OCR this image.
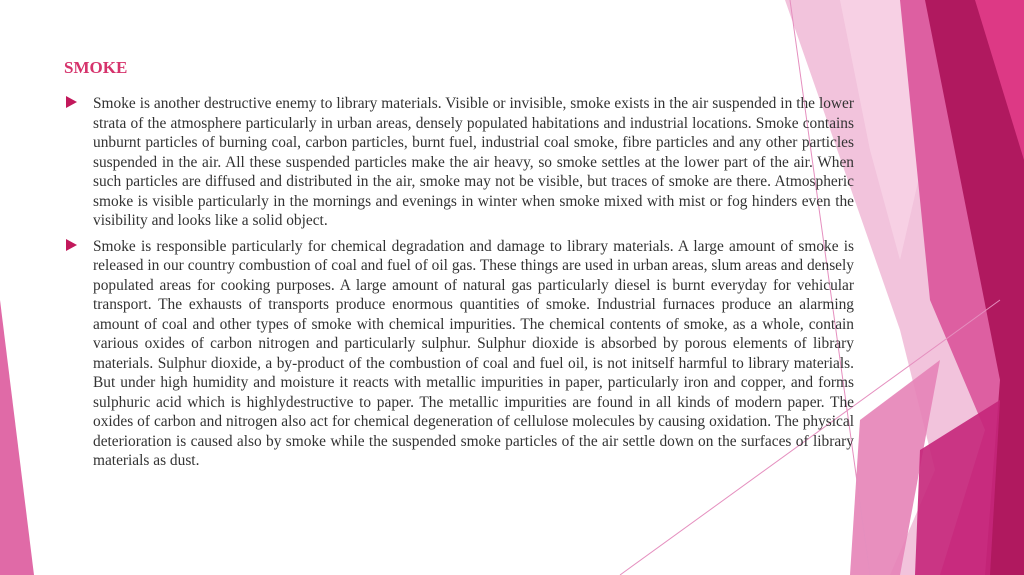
SMOKE

Smoke is another destructive enemy to library materials. Visible or invisible, smoke exists in the air suspended in the lower strata of the atmosphere particularly in urban areas, densely populated habitations and industrial locations. Smoke contains unburnt particles of burning coal, carbon particles, burnt fuel, industrial coal smoke, fibre particles and any other particles suspended in the air. All these suspended particles make the air heavy, so smoke settles at the lower part of the air. When such particles are diffused and distributed in the air, smoke may not be visible, but traces of smoke are there. Atmospheric smoke is visible particularly in the mornings and evenings in winter when smoke mixed with mist or fog hinders even the visibility and looks like a solid object.

Smoke is responsible particularly for chemical degradation and damage to library materials. A large amount of smoke is released in our country combustion of coal and fuel of oil gas. These things are used in urban areas, slum areas and densely populated areas for cooking purposes. A large amount of natural gas particularly diesel is burnt everyday for vehicular transport. The exhausts of transports produce enormous quantities of smoke. Industrial furnaces produce an alarming amount of coal and other types of smoke with chemical impurities. The chemical contents of smoke, as a whole, contain various oxides of carbon nitrogen and particularly sulphur. Sulphur dioxide is absorbed by porous elements of library materials. Sulphur dioxide, a by-product of the combustion of coal and fuel oil, is not initself harmful to library materials. But under high humidity and moisture it reacts with metallic impurities in paper, particularly iron and copper, and forms sulphuric acid which is highlydestructive to paper. The metallic impurities are found in all kinds of modern paper. The oxides of carbon and nitrogen also act for chemical degeneration of cellulose molecules by causing oxidation. The physical deterioration is caused also by smoke while the suspended smoke particles of the air settle down on the surfaces of library materials as dust.
